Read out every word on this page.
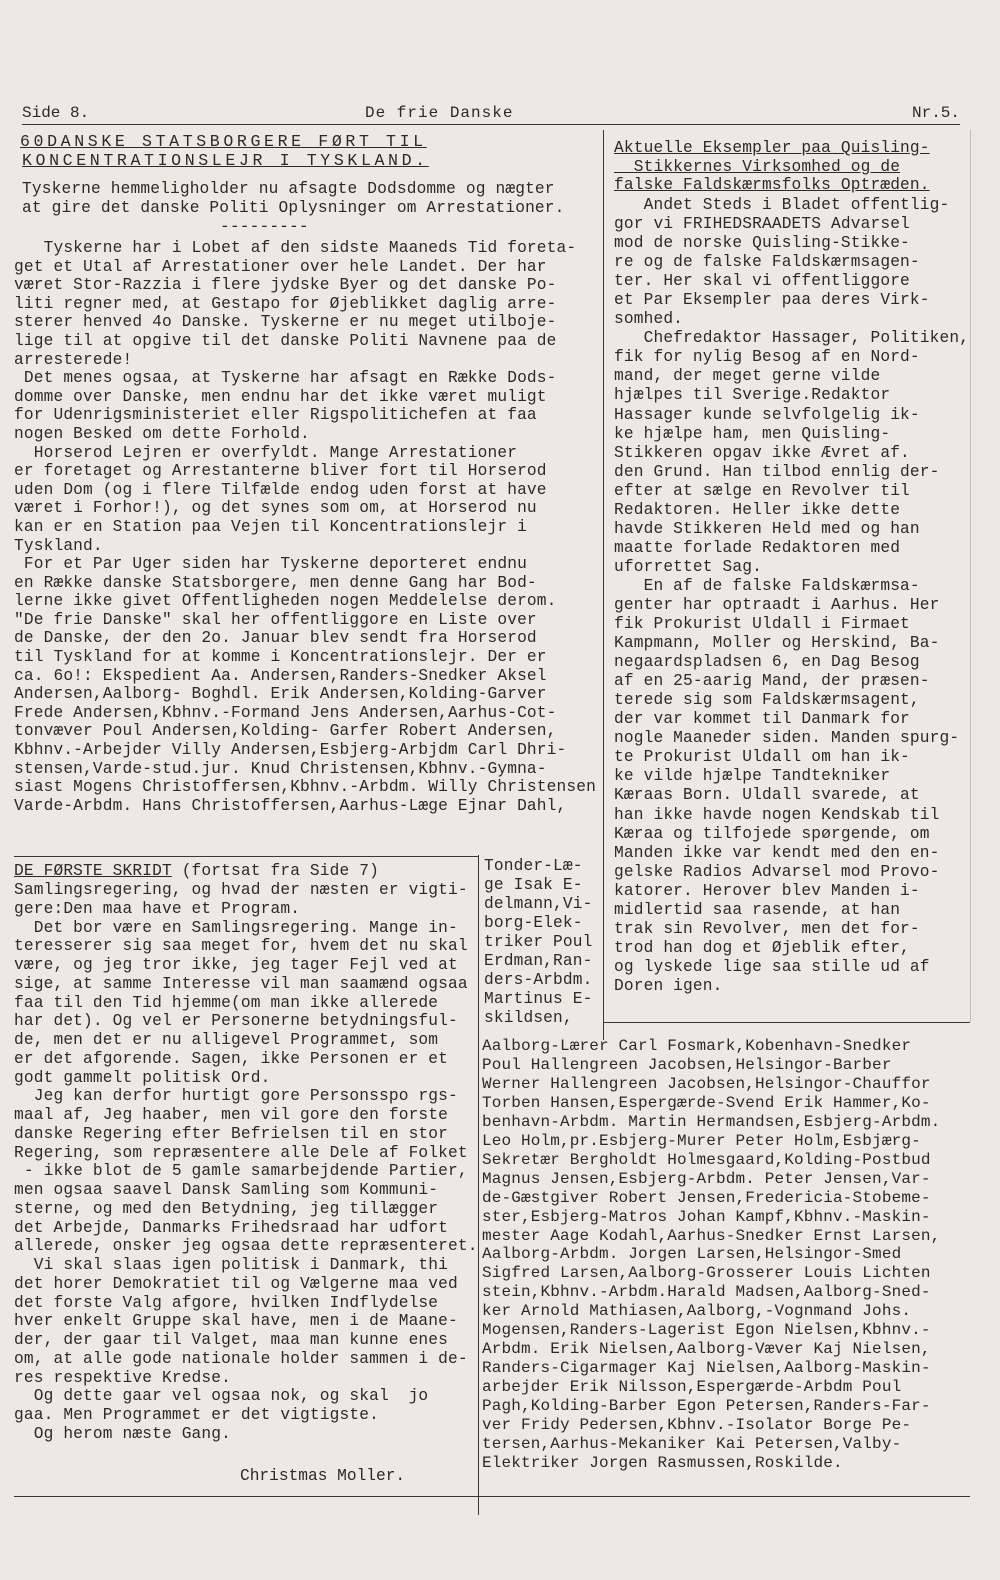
Side 8.	De frie Danske	Nr.5.
60DANSKE STATSBORGERE FØRT TIL
KONCENTRATIONSLEJR I TYSKLAND.
Tyskerne hemmeligholder nu afsagte Dodsdomme og nægter
at gire det danske Politi Oplysninger om Arrestationer.
---------
Tyskerne har i Lobet af den sidste Maaneds Tid foreta-
get et Utal af Arrestationer over hele Landet. Der har
været Stor-Razzia i flere jydske Byer og det danske Po-
liti regner med, at Gestapo for Øjeblikket daglig arre-
sterer henved 4o Danske. Tyskerne er nu meget utilboje-
lige til at opgive til det danske Politi Navnene paa de
arresterede!
Det menes ogsaa, at Tyskerne har afsagt en Række Dods-
domme over Danske, men endnu har det ikke været muligt
for Udenrigsministeriet eller Rigspolitichefen at faa
nogen Besked om dette Forhold.
Horserod Lejren er overfyldt. Mange Arrestationer
er foretaget og Arrestanterne bliver fort til Horserod
uden Dom (og i flere Tilfælde endog uden forst at have
været i Forhor!), og det synes som om, at Horserod nu
kan er en Station paa Vejen til Koncentrationslejr i
Tyskland.
For et Par Uger siden har Tyskerne deporteret endnu
en Række danske Statsborgere, men denne Gang har Bod-
lerne ikke givet Offentligheden nogen Meddelelse derom.
"De frie Danske" skal her offentliggore en Liste over
de Danske, der den 2o. Januar blev sendt fra Horserod
til Tyskland for at komme i Koncentrationslejr. Der er
ca. 6o!: Ekspedient Aa. Andersen,Randers-Snedker Aksel
Andersen,Aalborg- Boghdl. Erik Andersen,Kolding-Garver
Frede Andersen,Kbhnv.-Formand Jens Andersen,Aarhus-Cot-
tonvæver Poul Andersen,Kolding- Garfer Robert Andersen,
Kbhnv.-Arbejder Villy Andersen,Esbjerg-Arbjdm Carl Dhri-
stensen,Varde-stud.jur. Knud Christensen,Kbhnv.-Gymna-
siast Mogens Christoffersen,Kbhnv.-Arbdm. Willy Christensen
Varde-Arbdm. Hans Christoffersen,Aarhus-Læge Ejnar Dahl,
DE FØRSTE SKRIDT (fortsat fra Side 7)
Samlingsregering, og hvad der næsten er vigti-
gere:Den maa have et Program.
Det bor være en Samlingsregering. Mange in-
teresserer sig saa meget for, hvem det nu skal
være, og jeg tror ikke, jeg tager Fejl ved at
sige, at samme Interesse vil man saamænd ogsaa
faa til den Tid hjemme(om man ikke allerede
har det). Og vel er Personerne betydningsful-
de, men det er nu alligevel Programmet, som
er det afgorende. Sagen, ikke Personen er et
godt gammelt politisk Ord.
Jeg kan derfor hurtigt gore Personsspo rgs-
maal af, Jeg haaber, men vil gore den forste
danske Regering efter Befrielsen til en stor
Regering, som repræsentere alle Dele af Folket
- ikke blot de 5 gamle samarbejdende Partier,
men ogsaa saavel Dansk Samling som Kommuni-
sterne, og med den Betydning, jeg tillægger
det Arbejde, Danmarks Frihedsraad har udfort
allerede, onsker jeg ogsaa dette repræsenteret.
Vi skal slaas igen politisk i Danmark, thi
det horer Demokratiet til og Vælgerne maa ved
det forste Valg afgore, hvilken Indflydelse
hver enkelt Gruppe skal have, men i de Maane-
der, der gaar til Valget, maa man kunne enes
om, at alle gode nationale holder sammen i de-
res respektive Kredse.
Og dette gaar vel ogsaa nok, og skal  jo
gaa. Men Programmet er det vigtigste.
Og herom næste Gang.
Christmas Moller.
Tonder-Læ-
ge Isak E-
delmann,Vi-
borg-Elek-
triker Poul
Erdman,Ran-
ders-Arbdm.
Martinus E-
skildsen,
Aalborg-Lærer Carl Fosmark,Kobenhavn-Snedker
Poul Hallengreen Jacobsen,Helsingor-Barber
Werner Hallengreen Jacobsen,Helsingor-Chauffor
Torben Hansen,Espergærde-Svend Erik Hammer,Ko-
benhavn-Arbdm. Martin Hermandsen,Esbjerg-Arbdm.
Leo Holm,pr.Esbjerg-Murer Peter Holm,Esbjærg-
Sekretær Bergholdt Holmesgaard,Kolding-Postbud
Magnus Jensen,Esbjerg-Arbdm. Peter Jensen,Var-
de-Gæstgiver Robert Jensen,Fredericia-Stobeme-
ster,Esbjerg-Matros Johan Kampf,Kbhnv.-Maskin-
mester Aage Kodahl,Aarhus-Snedker Ernst Larsen,
Aalborg-Arbdm. Jorgen Larsen,Helsingor-Smed
Sigfred Larsen,Aalborg-Grosserer Louis Lichten
stein,Kbhnv.-Arbdm.Harald Madsen,Aalborg-Sned-
ker Arnold Mathiasen,Aalborg,-Vognmand Johs.
Mogensen,Randers-Lagerist Egon Nielsen,Kbhnv.-
Arbdm. Erik Nielsen,Aalborg-Væver Kaj Nielsen,
Randers-Cigarmager Kaj Nielsen,Aalborg-Maskin-
arbejder Erik Nilsson,Espergærde-Arbdm Poul
Pagh,Kolding-Barber Egon Petersen,Randers-Far-
ver Fridy Pedersen,Kbhnv.-Isolator Borge Pe-
tersen,Aarhus-Mekaniker Kai Petersen,Valby-
Elektriker Jorgen Rasmussen,Roskilde.
Aktuelle Eksempler paa Quisling-
Stikkernes Virksomhed og de
falske Faldskærmsfolks Optræden.
Andet Steds i Bladet offentlig-
gor vi FRIHEDSRAADETS Advarsel
mod de norske Quisling-Stikke-
re og de falske Faldskærmsagen-
ter. Her skal vi offentliggore
et Par Eksempler paa deres Virk-
somhed.
Chefredaktor Hassager, Politiken,
fik for nylig Besog af en Nord-
mand, der meget gerne vilde
hjælpes til Sverige.Redaktor
Hassager kunde selvfolgelig ik-
ke hjælpe ham, men Quisling-
Stikkeren opgav ikke Ævret af.
den Grund. Han tilbod ennlig der-
efter at sælge en Revolver til
Redaktoren. Heller ikke dette
havde Stikkeren Held med og han
maatte forlade Redaktoren med
uforrettet Sag.
En af de falske Faldskærmsa-
genter har optraadt i Aarhus. Her
fik Prokurist Uldall i Firmaet
Kampmann, Moller og Herskind, Ba-
negaardspladsen 6, en Dag Besog
af en 25-aarig Mand, der præsen-
terede sig som Faldskærmsagent,
der var kommet til Danmark for
nogle Maaneder siden. Manden spurg-
te Prokurist Uldall om han ik-
ke vilde hjælpe Tandtekniker
Kæraas Born. Uldall svarede, at
han ikke havde nogen Kendskab til
Kæraa og tilfojede spørgende, om
Manden ikke var kendt med den en-
gelske Radios Advarsel mod Provo-
katorer. Herover blev Manden i-
midlertid saa rasende, at han
trak sin Revolver, men det for-
trod han dog et Øjeblik efter,
og lyskede lige saa stille ud af
Doren igen.
